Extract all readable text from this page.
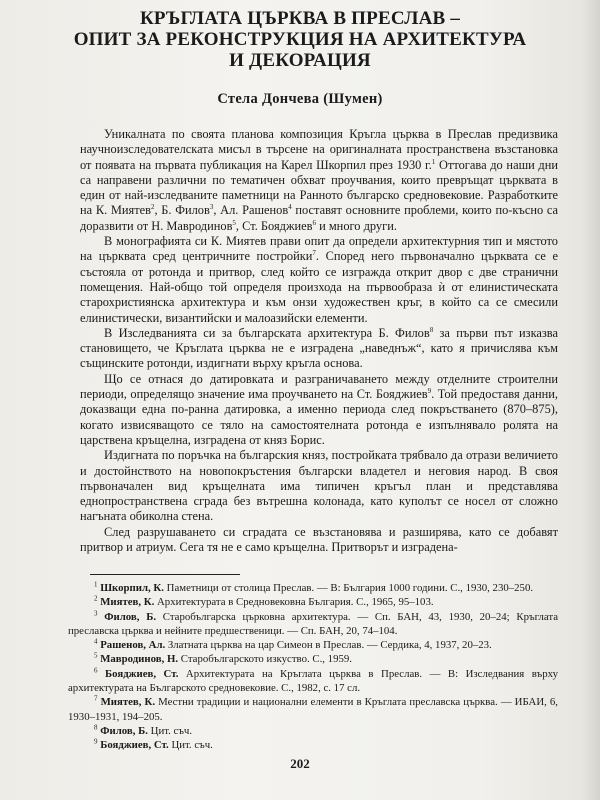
КРЪГЛАТА ЦЪРКВА В ПРЕСЛАВ –
ОПИТ ЗА РЕКОНСТРУКЦИЯ НА АРХИТЕКТУРА
И ДЕКОРАЦИЯ
Стела Дончева (Шумен)

Уникалната по своята планова композиция Кръгла църква в Преслав предизвика научноизследователската мисъл в търсене на оригиналната пространствена възстановка от появата на първата публикация на Карел Шкорпил през 1930 г.$^1$ Оттогава до наши дни са направени различни по тематичен обхват проучвания, които превръщат църквата в един от най-изследваните паметници на Ранното българско средновековие. Разработките на К. Миятев$^2$, Б. Филов$^3$, Ал. Рашенов$^4$ поставят основните проблеми, които по-късно са доразвити от Н. Мавродинов$^5$, Ст. Бояджиев$^6$ и много други.

В монографията си К. Миятев прави опит да определи архитектурния тип и мястото на църквата сред центричните постройки$^7$. Според него първоначално църквата се е състояла от ротонда и притвор, след който се изгражда открит двор с две странични помещения. Най-общо той определя произхода на първообраза ѝ от елинистическата старохристиянска архитектура и към онзи художествен кръг, в който са се смесили елинистически, византийски и малоазийски елементи.

В Изследванията си за българската архитектура Б. Филов$^8$ за първи път изказва становището, че Кръглата църква не е изградена „наведнъж“, като я причислява към същинските ротонди, издигнати върху кръгла основа.

Що се отнася до датировката и разграничаването между отделните строителни периоди, определящо значение има проучването на Ст. Бояджиев$^9$. Той предоставя данни, доказващи една по-ранна датировка, а именно периода след покръстването (870–875), когато извисяващото се тяло на самостоятелната ротонда е изпълнявало ролята на царствена кръщелна, изградена от княз Борис.

Издигната по поръчка на българския княз, постройката трябвало да отрази величието и достойнството на новопокръстения български владетел и неговия народ. В своя първоначален вид кръщелната има типичен кръгъл план и представлява еднопространствена сграда без вътрешна колонада, като куполът се носел от сложно нагъната обиколна стена.

След разрушаването си сградата се възстановява и разширява, като се добавят притвор и атриум. Сега тя не е само кръщелна. Притворът и изградена-

$^1$ Шкорпил, К. Паметници от столица Преслав. — В: България 1000 години. С., 1930, 230–250.

$^2$ Миятев, К. Архитектурата в Средновековна България. С., 1965, 95–103.

$^3$ Филов, Б. Старобългарска църковна архитектура. — Сп. БАН, 43, 1930, 20–24; Кръглата преславска църква и нейните предшественици. — Сп. БАН, 20, 74–104.

$^4$ Рашенов, Ал. Златната църква на цар Симеон в Преслав. — Сердика, 4, 1937, 20–23.

$^5$ Мавродинов, Н. Старобългарското изкуство. С., 1959.

$^6$ Бояджиев, Ст. Архитектурата на Кръглата църква в Преслав. — В: Изследвания върху архитектурата на Българското средновековие. С., 1982, с. 17 сл.

$^7$ Миятев, К. Местни традиции и национални елементи в Кръглата преславска църква. — ИБАИ, 6, 1930–1931, 194–205.

$^8$ Филов, Б. Цит. съч.

$^9$ Бояджиев, Ст. Цит. съч.

202
